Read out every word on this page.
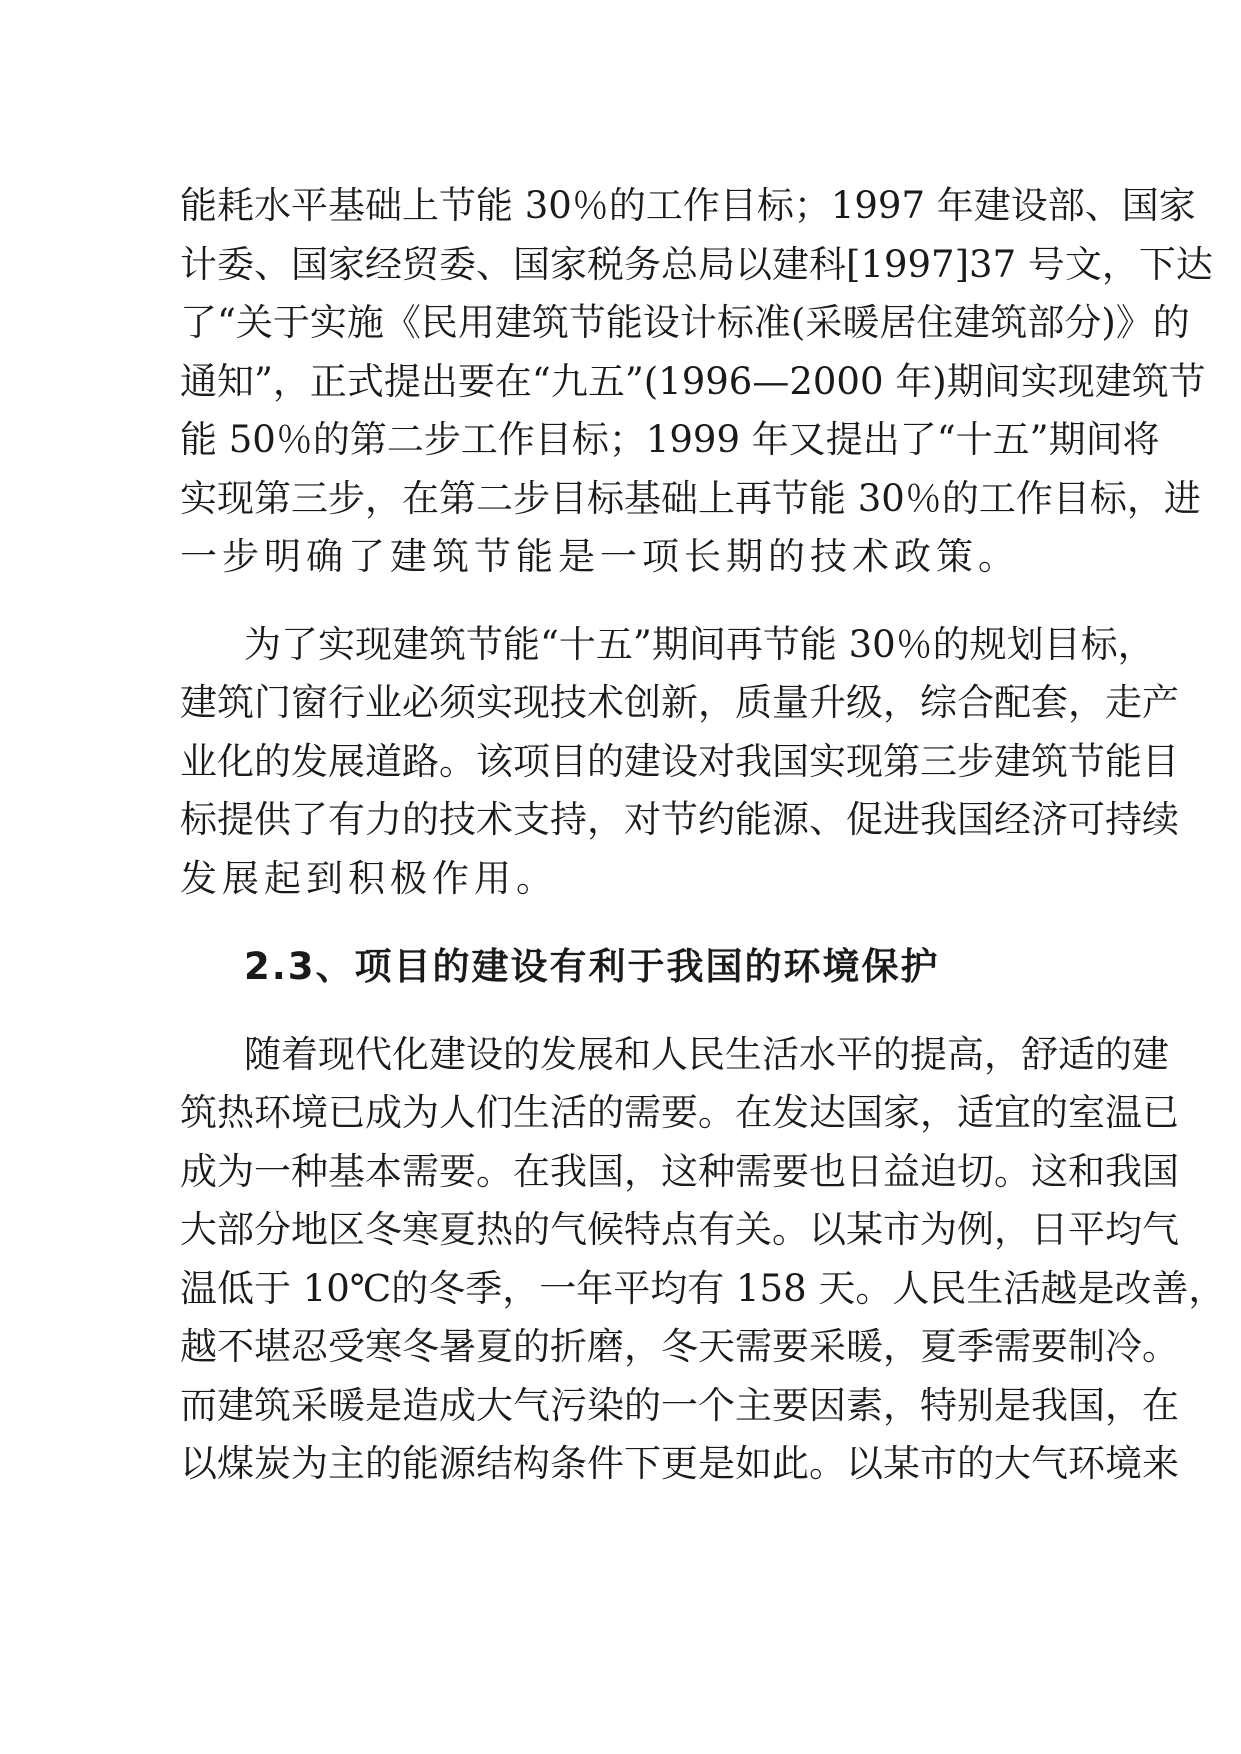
能耗水平基础上节能 30％的工作目标；1997 年建设部、国家
计委、国家经贸委、国家税务总局以建科[1997]37 号文，下达
了“关于实施《民用建筑节能设计标准(采暖居住建筑部分)》的
通知”，正式提出要在“九五”(1996—2000 年)期间实现建筑节
能 50％的第二步工作目标；1999 年又提出了“十五”期间将
实现第三步，在第二步目标基础上再节能 30％的工作目标，进
一步明确了建筑节能是一项长期的技术政策。
为了实现建筑节能“十五”期间再节能 30％的规划目标，
建筑门窗行业必须实现技术创新，质量升级，综合配套，走产
业化的发展道路。该项目的建设对我国实现第三步建筑节能目
标提供了有力的技术支持，对节约能源、促进我国经济可持续
发展起到积极作用。
2.3、项目的建设有利于我国的环境保护
随着现代化建设的发展和人民生活水平的提高，舒适的建
筑热环境已成为人们生活的需要。在发达国家，适宜的室温已
成为一种基本需要。在我国，这种需要也日益迫切。这和我国
大部分地区冬寒夏热的气候特点有关。以某市为例，日平均气
温低于 10℃的冬季，一年平均有 158 天。人民生活越是改善，
越不堪忍受寒冬暑夏的折磨，冬天需要采暖，夏季需要制冷。
而建筑采暖是造成大气污染的一个主要因素，特别是我国，在
以煤炭为主的能源结构条件下更是如此。以某市的大气环境来
